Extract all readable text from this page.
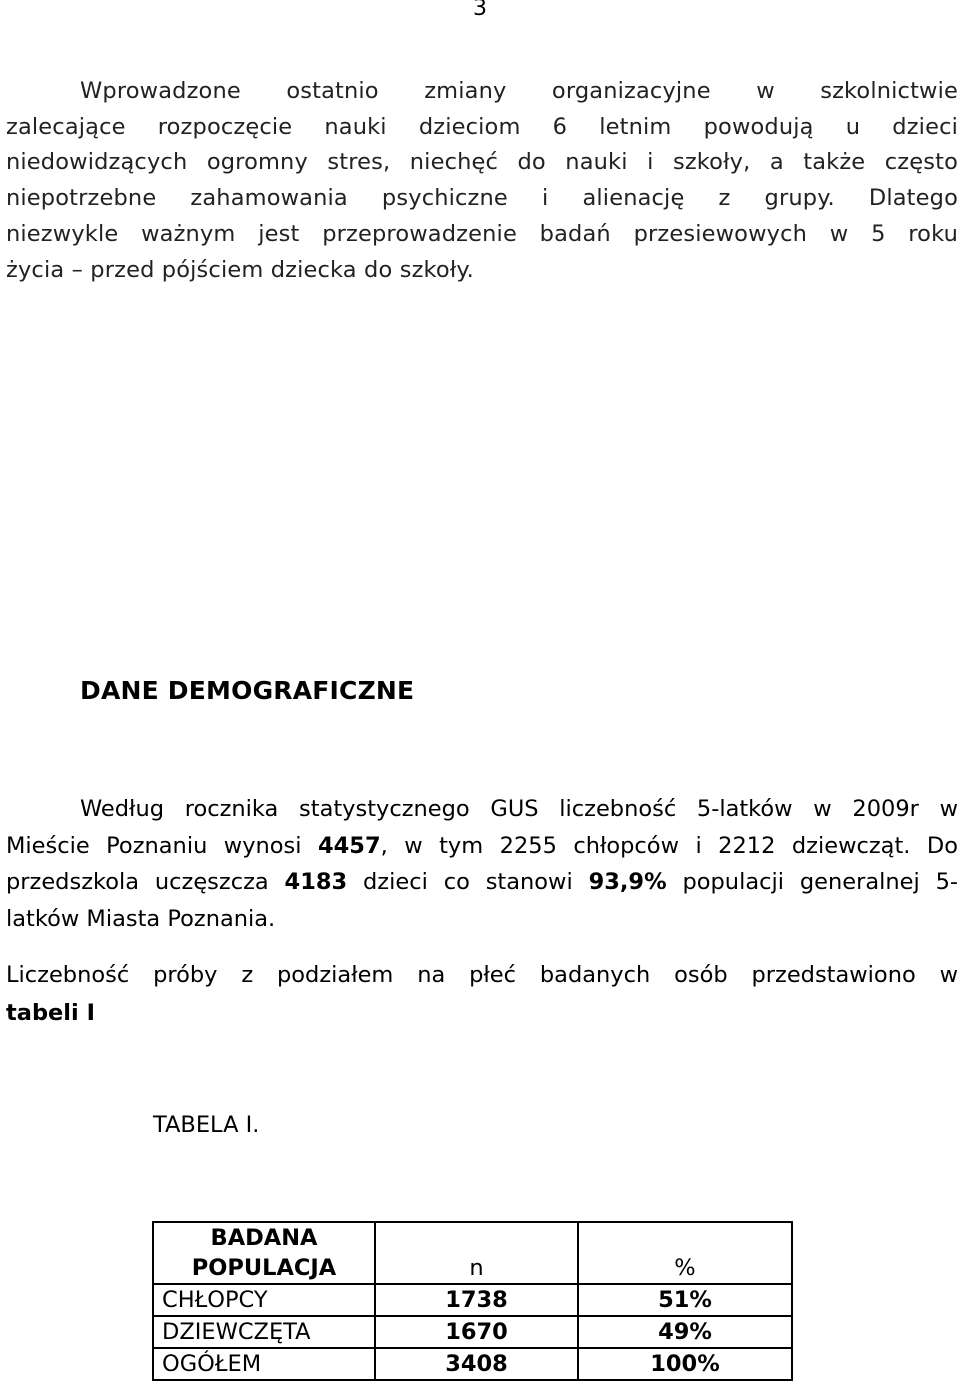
3

Wprowadzone ostatnio zmiany organizacyjne w szkolnictwie
zalecające rozpoczęcie nauki dzieciom 6 letnim powodują u dzieci
niedowidzących ogromny stres, niechęć do nauki i szkoły, a także często
niepotrzebne zahamowania psychiczne i alienację z grupy. Dlatego
niezwykle ważnym jest przeprowadzenie badań przesiewowych w 5 roku
życia – przed pójściem dziecka do szkoły.

DANE DEMOGRAFICZNE

Według rocznika statystycznego GUS liczebność 5-latków w 2009r w
Mieście Poznaniu wynosi 4457, w tym 2255 chłopców i 2212 dziewcząt. Do
przedszkola uczęszcza 4183 dzieci co stanowi 93,9% populacji generalnej 5-
latków Miasta Poznania.

Liczebność próby z podziałem na płeć badanych osób przedstawiono w
tabeli I

TABELA I.
BADANA
POPULACJA	n	%
CHŁOPCY	1738	51%
DZIEWCZĘTA	1670	49%
OGÓŁEM	3408	100%
